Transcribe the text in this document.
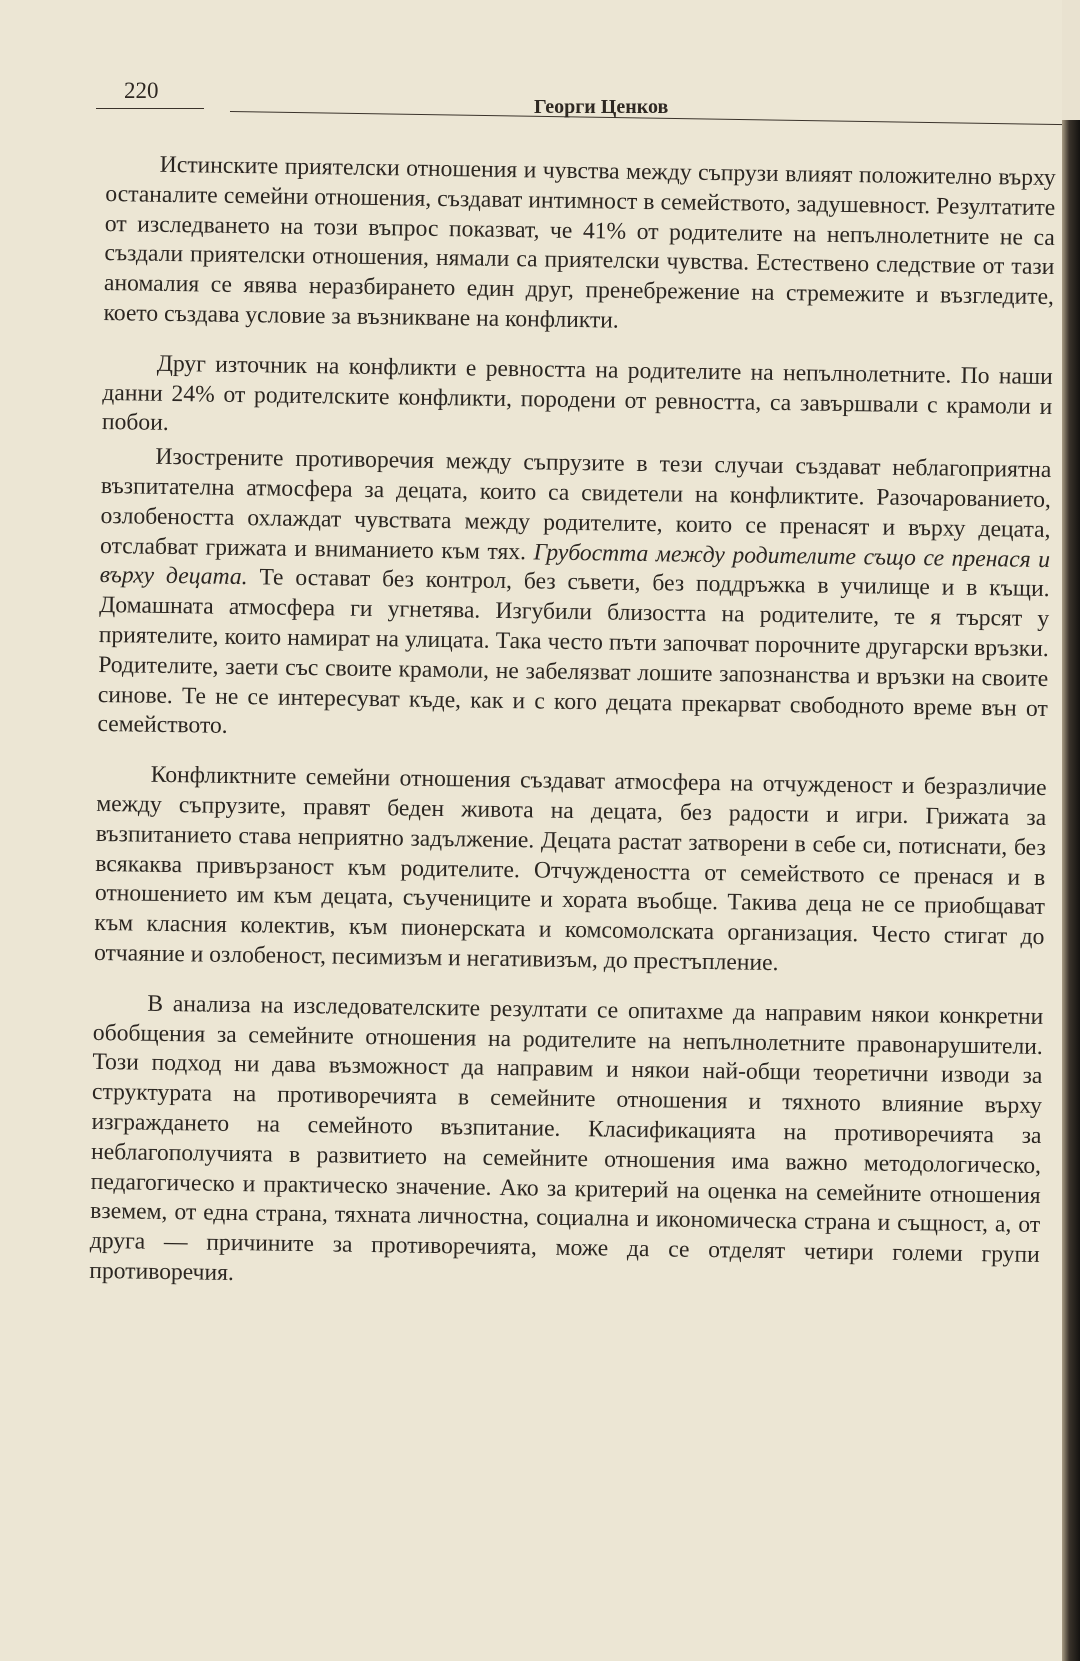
220
Георги Ценков

Истинските приятелски отношения и чувства между съпрузи влияят положително върху останалите семейни отношения, създават интимност в семейството, задушевност. Резултатите от изследването на този въпрос показват, че 41% от родителите на непълнолетните не са създали приятелски отношения, нямали са приятелски чувства. Естествено следствие от тази аномалия се явява неразбирането един друг, пренебрежение на стремежите и възгледите, което създава условие за възникване на конфликти.

Друг източник на конфликти е ревността на родителите на непълнолетните. По наши данни 24% от родителските конфликти, породени от ревността, са завършвали с крамоли и побои.

Изострените противоречия между съпрузите в тези случаи създават неблагоприятна възпитателна атмосфера за децата, които са свидетели на конфликтите. Разочарованието, озлобеността охлаждат чувствата между родителите, които се пренасят и върху децата, отслабват грижата и вниманието към тях. Грубостта между родителите също се пренася и върху децата. Те остават без контрол, без съвети, без поддръжка в училище и в къщи. Домашната атмосфера ги угнетява. Изгубили близостта на родителите, те я търсят у приятелите, които намират на улицата. Така често пъти започват порочните другарски връзки. Родителите, заети със своите крамоли, не забелязват лошите запознанства и връзки на своите синове. Те не се интересуват къде, как и с кого децата прекарват свободното време вън от семейството.

Конфликтните семейни отношения създават атмосфера на отчужденост и безразличие между съпрузите, правят беден живота на децата, без радости и игри. Грижата за възпитанието става неприятно задължение. Децата растат затворени в себе си, потиснати, без всякаква привързаност към родителите. Отчуждеността от семейството се пренася и в отношението им към децата, съучениците и хората въобще. Такива деца не се приобщават към класния колектив, към пионерската и комсомолската организация. Често стигат до отчаяние и озлобеност, песимизъм и негативизъм, до престъпление.

В анализа на изследователските резултати се опитахме да направим някои конкретни обобщения за семейните отношения на родителите на непълнолетните правонарушители. Този подход ни дава възможност да направим и някои най-общи теоретични изводи за структурата на противоречията в семейните отношения и тяхното влияние върху изграждането на семейното възпитание. Класификацията на противоречията за неблагополучията в развитието на семейните отношения има важно методологическо, педагогическо и практическо значение. Ако за критерий на оценка на семейните отношения вземем, от една страна, тяхната личностна, социална и икономическа страна и същност, а, от друга — причините за противоречията, може да се отделят четири големи групи противоречия.
